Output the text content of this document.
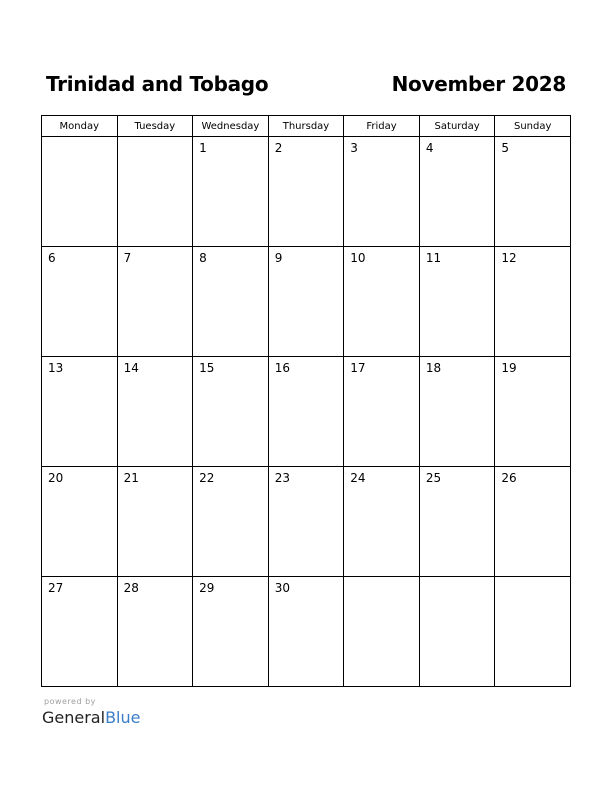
Trinidad and Tobago	November 2028
Monday	Tuesday	Wednesday	Thursday	Friday	Saturday	Sunday

		1	2	3	4	5

6	7	8	9	10	11	12

13	14	15	16	17	18	19

20	21	22	23	24	25	26

27	28	29	30			

powered by
GeneralBlue
